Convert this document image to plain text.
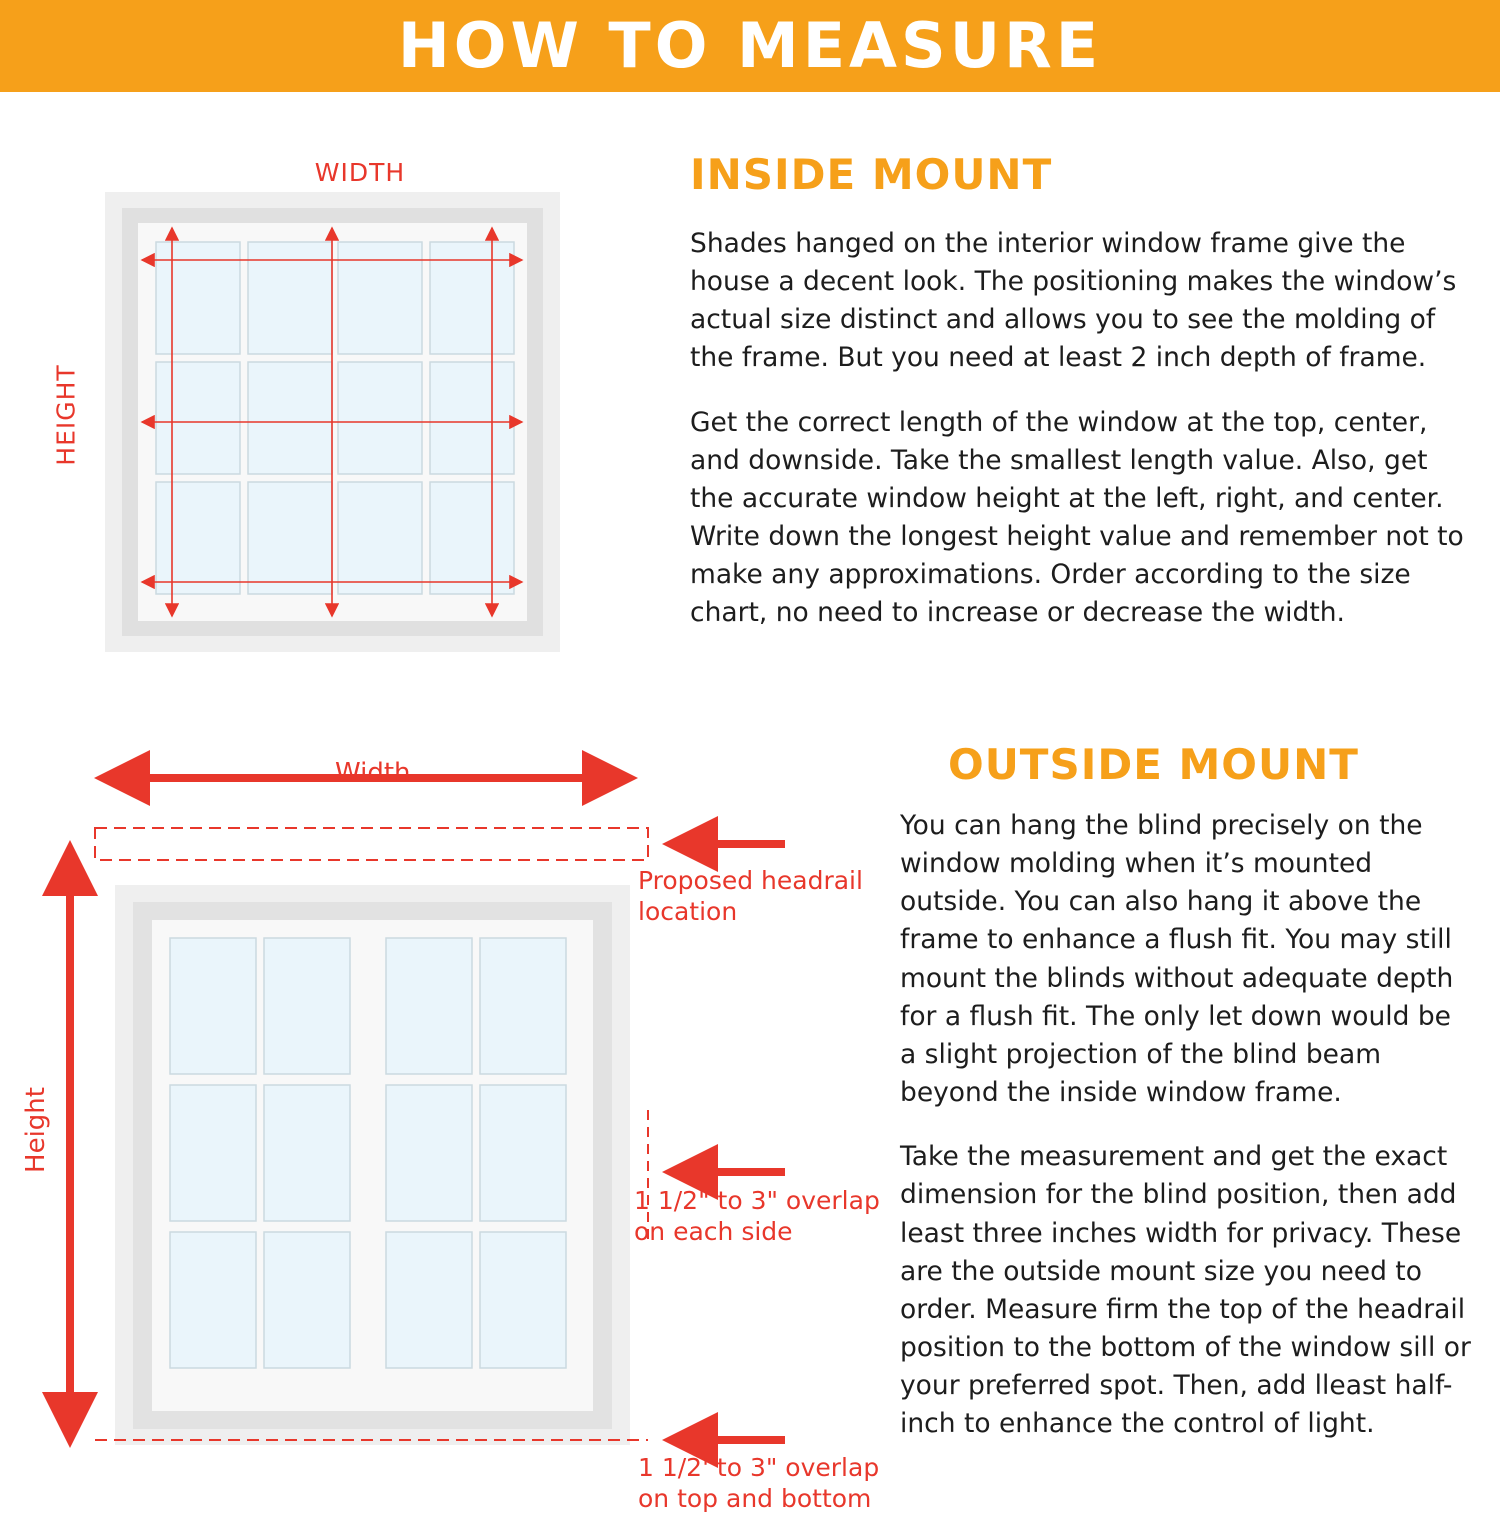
HOW TO MEASURE
WIDTH
HEIGHT
Width
Height
Proposed headrail
location
1 1/2" to 3" overlap
on each side
1 1/2' to 3" overlap
on top and bottom
INSIDE MOUNT

Shades hanged on the interior window frame give the house a decent look. The positioning makes the window’s actual size distinct and allows you to see the molding of the frame. But you need at least 2 inch depth of frame.

Get the correct length of the window at the top, center, and downside. Take the smallest length value. Also, get the accurate window height at the left, right, and center. Write down the longest height value and remember not to make any approximations. Order according to the size chart, no need to increase or decrease the width.

OUTSIDE MOUNT

You can hang the blind precisely on the window molding when it’s mounted outside. You can also hang it above the frame to enhance a flush fit. You may still mount the blinds without adequate depth for a flush fit. The only let down would be a slight projection of the blind beam beyond the inside window frame.

Take the measurement and get the exact dimension for the blind position, then add least three inches width for privacy. These are the outside mount size you need to order. Measure firm the top of the headrail position to the bottom of the window sill or your preferred spot. Then, add lleast half-inch to enhance the control of light.
